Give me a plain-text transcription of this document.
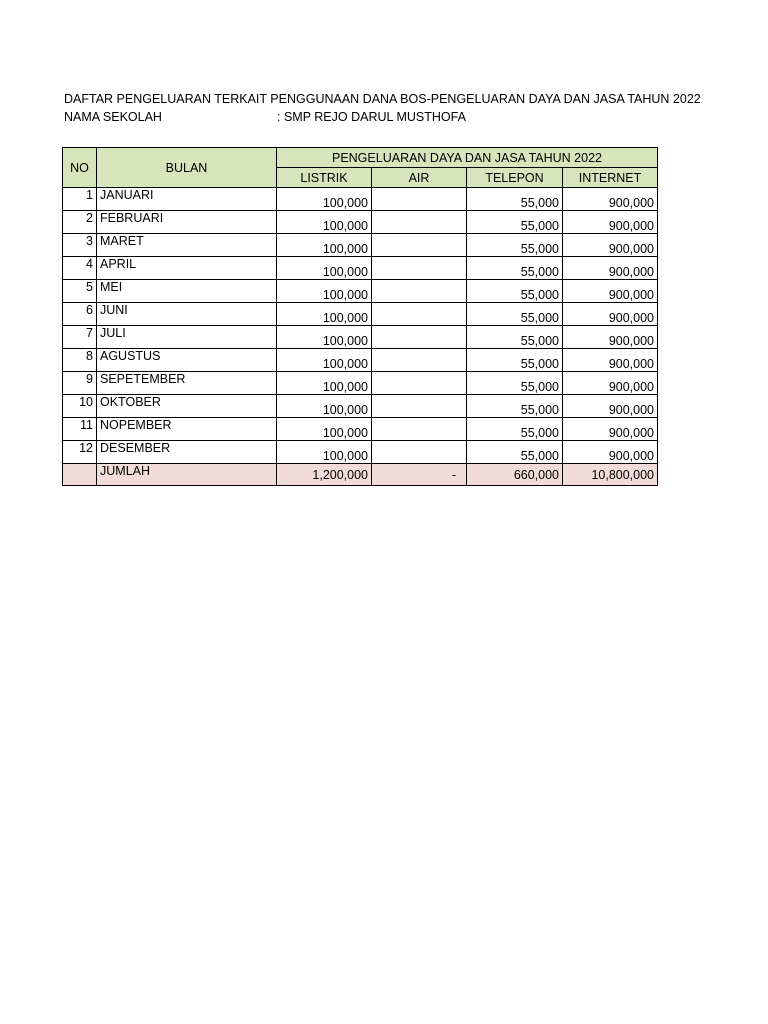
DAFTAR PENGELUARAN TERKAIT PENGGUNAAN DANA BOS-PENGELUARAN DAYA DAN JASA TAHUN 2022
NAMA SEKOLAH	: SMP REJO DARUL MUSTHOFA
NO	BULAN	PENGELUARAN DAYA DAN JASA TAHUN 2022			
		LISTRIK	AIR	TELEPON	INTERNET
1	JANUARI	100,000		55,000	900,000
2	FEBRUARI	100,000		55,000	900,000
3	MARET	100,000		55,000	900,000
4	APRIL	100,000		55,000	900,000
5	MEI	100,000		55,000	900,000
6	JUNI	100,000		55,000	900,000
7	JULI	100,000		55,000	900,000
8	AGUSTUS	100,000		55,000	900,000
9	SEPETEMBER	100,000		55,000	900,000
10	OKTOBER	100,000		55,000	900,000
11	NOPEMBER	100,000		55,000	900,000
12	DESEMBER	100,000		55,000	900,000
	JUMLAH	1,200,000	-	660,000	10,800,000
